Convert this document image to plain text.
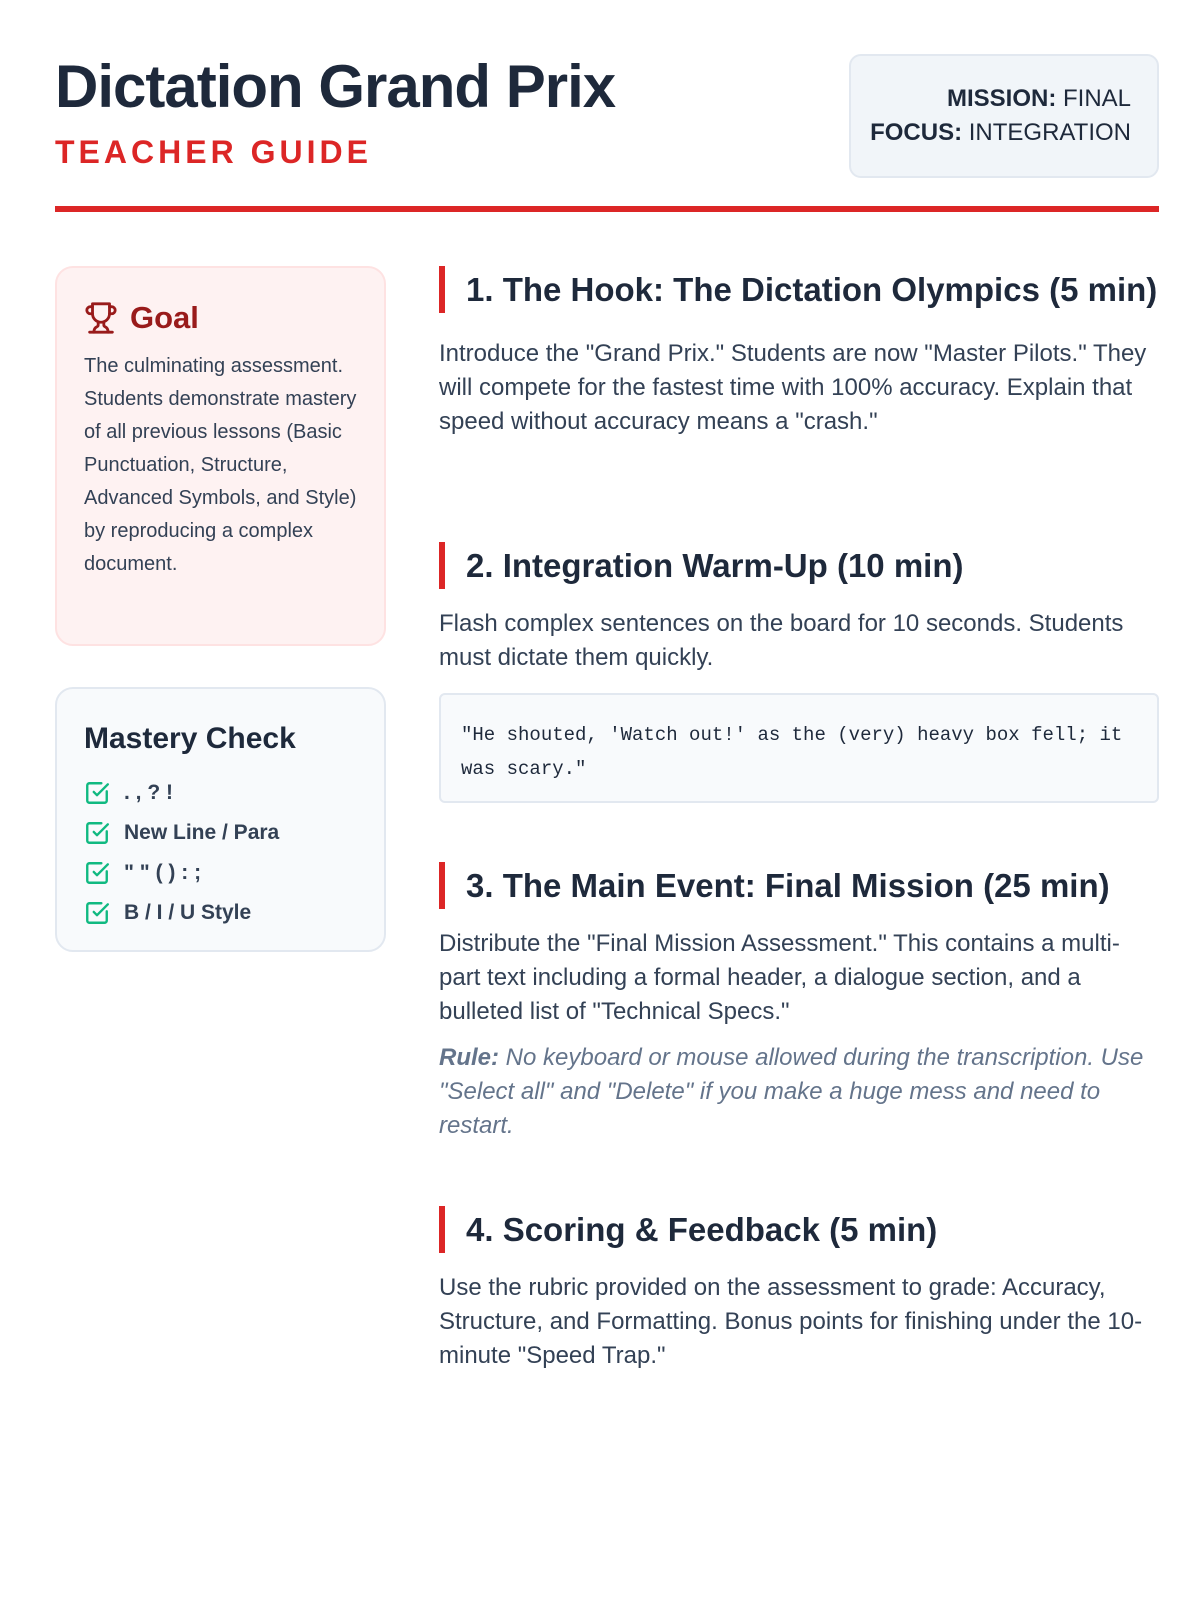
Dictation Grand Prix
TEACHER GUIDE
MISSION: FINAL
FOCUS: INTEGRATION
Goal

The culminating assessment. Students demonstrate mastery of all previous lessons (Basic Punctuation, Structure, Advanced Symbols, and Style) by reproducing a complex document.

Mastery Check
. , ? !
New Line / Para
" " ( ) : ;
B / I / U Style
1. The Hook: The Dictation Olympics (5 min)

Introduce the "Grand Prix." Students are now "Master Pilots." They will compete for the fastest time with 100% accuracy. Explain that speed without accuracy means a "crash."

2. Integration Warm-Up (10 min)

Flash complex sentences on the board for 10 seconds. Students must dictate them quickly.

"He shouted, 'Watch out!' as the (very) heavy box fell; it was scary."
3. The Main Event: Final Mission (25 min)

Distribute the "Final Mission Assessment." This contains a multi-part text including a formal header, a dialogue section, and a bulleted list of "Technical Specs."

Rule: No keyboard or mouse allowed during the transcription. Use "Select all" and "Delete" if you make a huge mess and need to restart.

4. Scoring & Feedback (5 min)

Use the rubric provided on the assessment to grade: Accuracy, Structure, and Formatting. Bonus points for finishing under the 10-minute "Speed Trap."
